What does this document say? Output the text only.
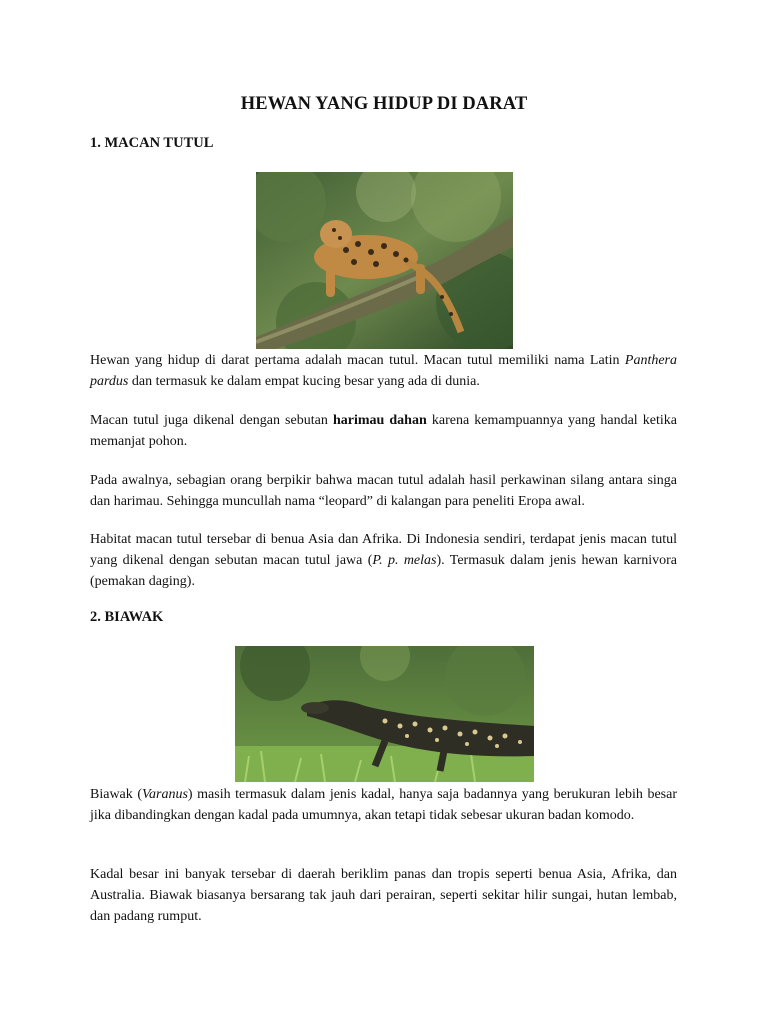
HEWAN YANG HIDUP DI DARAT
1. MACAN TUTUL
Hewan yang hidup di darat pertama adalah macan tutul. Macan tutul memiliki nama Latin Panthera pardus dan termasuk ke dalam empat kucing besar yang ada di dunia.
Macan tutul juga dikenal dengan sebutan harimau dahan karena kemampuannya yang handal ketika memanjat pohon.
Pada awalnya, sebagian orang berpikir bahwa macan tutul adalah hasil perkawinan silang antara singa dan harimau. Sehingga muncullah nama “leopard” di kalangan para peneliti Eropa awal.
Habitat macan tutul tersebar di benua Asia dan Afrika. Di Indonesia sendiri, terdapat jenis macan tutul yang dikenal dengan sebutan macan tutul jawa (P. p. melas). Termasuk dalam jenis hewan karnivora (pemakan daging).
2. BIAWAK
Biawak (Varanus) masih termasuk dalam jenis kadal, hanya saja badannya yang berukuran lebih besar jika dibandingkan dengan kadal pada umumnya, akan tetapi tidak sebesar ukuran badan komodo.
Kadal besar ini banyak tersebar di daerah beriklim panas dan tropis seperti benua Asia, Afrika, dan Australia. Biawak biasanya bersarang tak jauh dari perairan, seperti sekitar hilir sungai, hutan lembab, dan padang rumput.
